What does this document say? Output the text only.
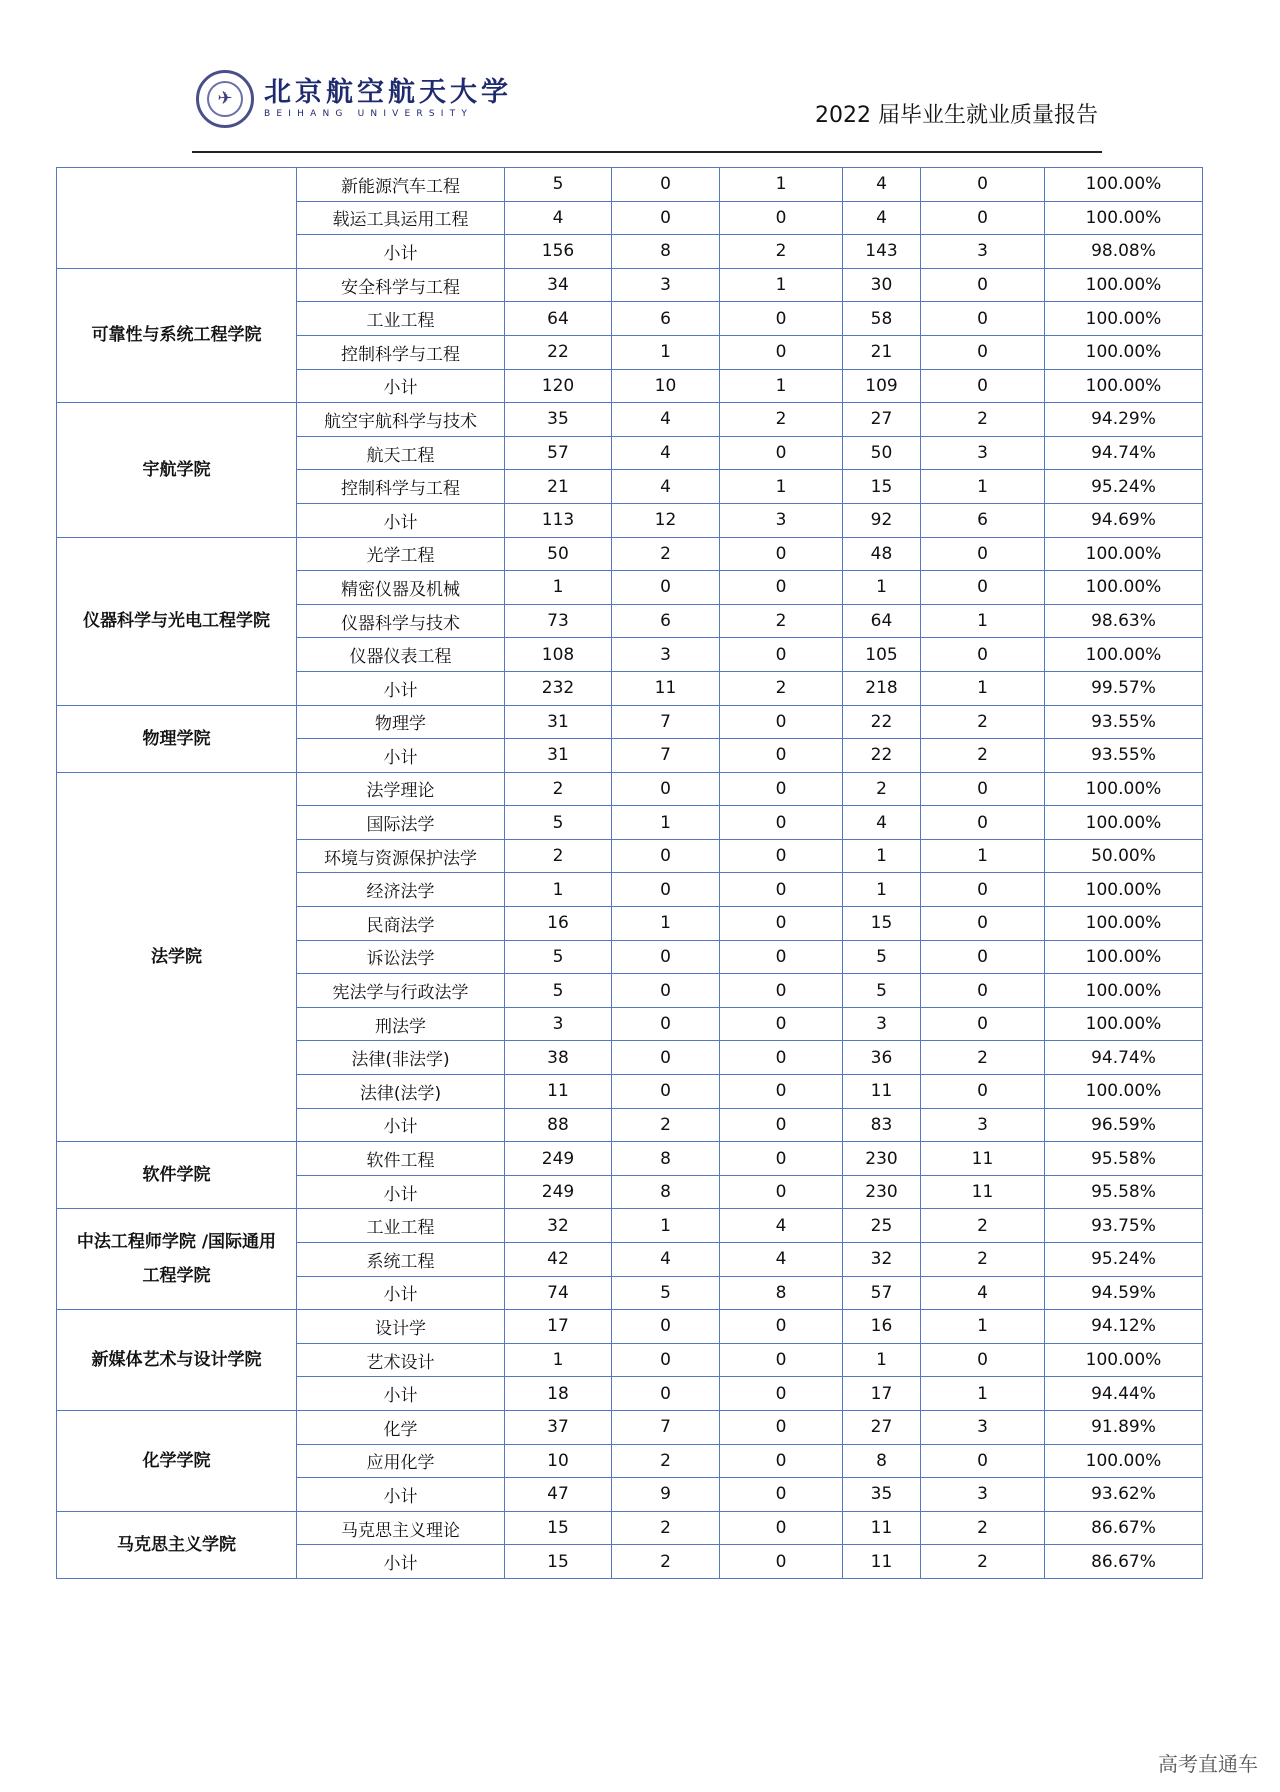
✈	北京航空航天大学
BEIHANG UNIVERSITY	2022 届毕业生就业质量报告
	新能源汽车工程	5	0	1	4	0	100.00%
	载运工具运用工程	4	0	0	4	0	100.00%
	小计	156	8	2	143	3	98.08%
可靠性与系统工程学院	安全科学与工程	34	3	1	30	0	100.00%
	工业工程	64	6	0	58	0	100.00%
	控制科学与工程	22	1	0	21	0	100.00%
	小计	120	10	1	109	0	100.00%
宇航学院	航空宇航科学与技术	35	4	2	27	2	94.29%
	航天工程	57	4	0	50	3	94.74%
	控制科学与工程	21	4	1	15	1	95.24%
	小计	113	12	3	92	6	94.69%
仪器科学与光电工程学院	光学工程	50	2	0	48	0	100.00%
	精密仪器及机械	1	0	0	1	0	100.00%
	仪器科学与技术	73	6	2	64	1	98.63%
	仪器仪表工程	108	3	0	105	0	100.00%
	小计	232	11	2	218	1	99.57%
物理学院	物理学	31	7	0	22	2	93.55%
	小计	31	7	0	22	2	93.55%
法学院	法学理论	2	0	0	2	0	100.00%
	国际法学	5	1	0	4	0	100.00%
	环境与资源保护法学	2	0	0	1	1	50.00%
	经济法学	1	0	0	1	0	100.00%
	民商法学	16	1	0	15	0	100.00%
	诉讼法学	5	0	0	5	0	100.00%
	宪法学与行政法学	5	0	0	5	0	100.00%
	刑法学	3	0	0	3	0	100.00%
	法律(非法学)	38	0	0	36	2	94.74%
	法律(法学)	11	0	0	11	0	100.00%
	小计	88	2	0	83	3	96.59%
软件学院	软件工程	249	8	0	230	11	95.58%
	小计	249	8	0	230	11	95.58%
中法工程师学院 /国际通用工程学院	工业工程	32	1	4	25	2	93.75%
	系统工程	42	4	4	32	2	95.24%
	小计	74	5	8	57	4	94.59%
新媒体艺术与设计学院	设计学	17	0	0	16	1	94.12%
	艺术设计	1	0	0	1	0	100.00%
	小计	18	0	0	17	1	94.44%
化学学院	化学	37	7	0	27	3	91.89%
	应用化学	10	2	0	8	0	100.00%
	小计	47	9	0	35	3	93.62%
马克思主义学院	马克思主义理论	15	2	0	11	2	86.67%
	小计	15	2	0	11	2	86.67%
高考直通车
